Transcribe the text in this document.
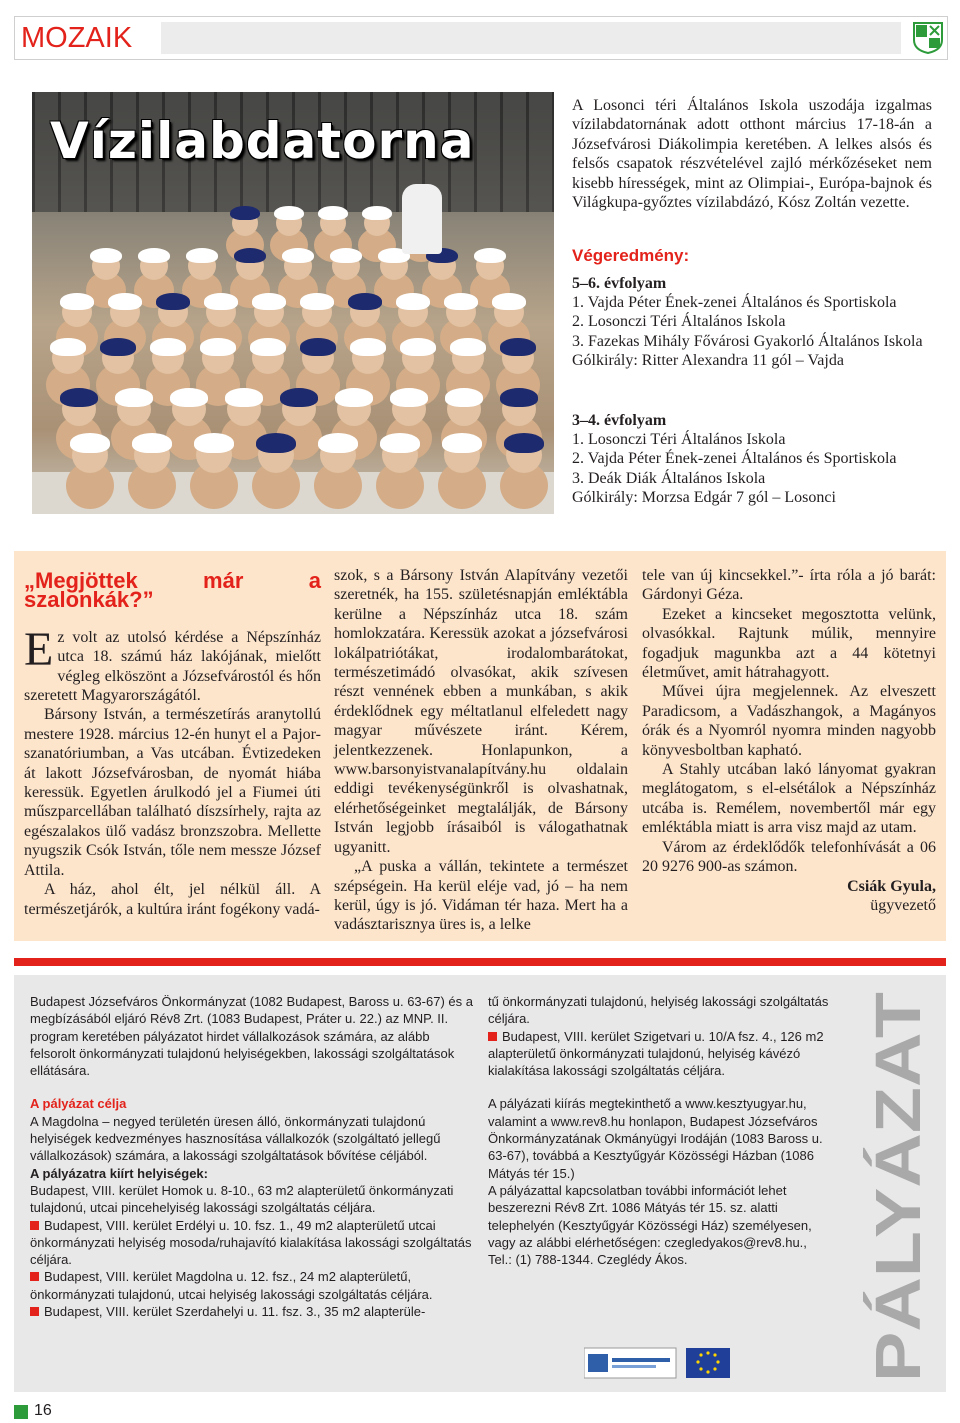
MOZAIK
Vízilabdatorna
A Losonci téri Általános Iskola uszodája izgalmas vízilabdatornának adott otthont március 17-18-án a Józsefvárosi Diákolimpia keretében. A lelkes alsós és felsős csapatok részvételével zajló mérkőzéseket nem kisebb hírességek, mint az Olimpiai-, Európa-bajnok és Világkupa-győztes vízilabdázó, Kósz Zoltán vezette.
Végeredmény:
5–6. évfolyam
1. Vajda Péter Ének-zenei Általános és Sportiskola
2. Losonczi Téri Általános Iskola
3. Fazekas Mihály Fővárosi Gyakorló Általános Iskola
Gólkirály: Ritter Alexandra 11 gól – Vajda
3–4. évfolyam
1. Losonczi Téri Általános Iskola
2. Vajda Péter Ének-zenei Általános és Sportiskola
3. Deák Diák Általános Iskola
Gólkirály: Morzsa Edgár 7 gól – Losonci
„Megjöttek már a szalonkák?”
Ez volt az utolsó kérdése a Népszínház utca 18. számú ház lakójának, mielőtt végleg elköszönt a Józsefvárostól és hőn szeretett Magyarországától.
Bársony István, a természetírás aranytollú mestere 1928. március 12-én hunyt el a Pajor-szanatóriumban, a Vas utcában. Évtizedeken át lakott Józsefvárosban, de nyomát hiába keressük. Egyetlen árulkodó jel a Fiumei úti műszparcellában található díszsírhely, rajta az egészalakos ülő vadász bronzszobra. Mellette nyugszik Csók István, tőle nem messze József Attila.
A ház, ahol élt, jel nélkül áll. A természetjárók, a kultúra iránt fogékony vadá-
szok, s a Bársony István Alapítvány vezetői szeretnék, ha 155. születésnapján emléktábla kerülne a Népszínház utca 18. szám homlokzatára. Keressük azokat a józsefvárosi lokálpatriótákat, irodalombarátokat, természetimádó olvasókat, akik szívesen részt vennének ebben a munkában, s akik érdeklődnek egy méltatlanul elfeledett nagy magyar művészete iránt. Kérem, jelentkezzenek. Honlapunkon, a www.barsonyistvanalapítvány.hu oldalain eddigi tevékenységünkről is olvashatnak, elérhetőségeinket megtalálják, de Bársony István legjobb írásaiból is válogathatnak ugyanitt.
„A puska a vállán, tekintete a természet szépségein. Ha kerül eléje vad, jó – ha nem kerül, úgy is jó. Vidáman tér haza. Mert ha a vadásztarisznya üres is, a lelke
tele van új kincsekkel.”- írta róla a jó barát: Gárdonyi Géza.
Ezeket a kincseket megosztotta velünk, olvasókkal. Rajtunk múlik, mennyire fogadjuk magunkba azt a 44 kötetnyi életművet, amit hátrahagyott.
Művei újra megjelennek. Az elveszett Paradicsom, a Vadászhangok, a Magányos órák és a Nyomról nyomra minden nagyobb könyvesboltban kapható.
A Stahly utcában lakó lányomat gyakran meglátogatom, s el-elsétálok a Népszínház utcába is. Remélem, novembertől már egy emléktábla miatt is arra visz majd az utam.
Várom az érdeklődők telefonhívását a 06 20 9276 900-as számon.
Csiák Gyula,
ügyvezető
Budapest Józsefváros Önkormányzat (1082 Budapest, Baross u. 63-67) és a megbízásából eljáró Rév8 Zrt. (1083 Budapest, Práter u. 22.) az MNP. II. program keretében pályázatot hirdet vállalkozások számára, az alább felsorolt önkormányzati tulajdonú helyiségekben, lakossági szolgáltatások ellátására.
A pályázat célja
A Magdolna – negyed területén üresen álló, önkormányzati tulajdonú helyiségek kedvezményes hasznosítása vállalkozók (szolgáltató jellegű vállalkozások) számára, a lakossági szolgáltatások bővítése céljából.
A pályázatra kiírt helyiségek:
Budapest, VIII. kerület Homok u. 8-10., 63 m2 alapterületű önkormányzati tulajdonú, utcai pincehelyiség lakossági szolgáltatás céljára.
Budapest, VIII. kerület Erdélyi u. 10. fsz. 1., 49 m2 alapterületű utcai önkormányzati helyiség mosoda/ruhajavító kialakítása lakossági szolgáltatás céljára.
Budapest, VIII. kerület Magdolna u. 12. fsz., 24 m2 alapterületű, önkormányzati tulajdonú, utcai helyiség lakossági szolgáltatás céljára.
Budapest, VIII. kerület Szerdahelyi u. 11. fsz. 3., 35 m2 alapterüle-
tű önkormányzati tulajdonú, helyiség lakossági szolgáltatás céljára.
Budapest, VIII. kerület Szigetvari u. 10/A fsz. 4., 126 m2 alapterületű önkormányzati tulajdonú, helyiség kávézó kialakítása lakossági szolgáltatás céljára.
A pályázati kiírás megtekinthető a www.kesztyugyar.hu, valamint a www.rev8.hu honlapon, Budapest Józsefváros Önkormányzatának Okmányügyi Irodáján (1083 Baross u. 63-67), továbbá a Kesztyűgyár Közösségi Házban (1086 Mátyás tér 15.)
A pályázattal kapcsolatban további információt lehet beszerezni Rév8 Zrt. 1086 Mátyás tér 15. sz. alatti telephelyén (Kesztyűgyár Közösségi Ház) személyesen, vagy az alábbi elérhetőségen: czegledyakos@rev8.hu., Tel.: (1) 788-1344. Czeglédy Ákos.	PÁLYÁZAT
16
